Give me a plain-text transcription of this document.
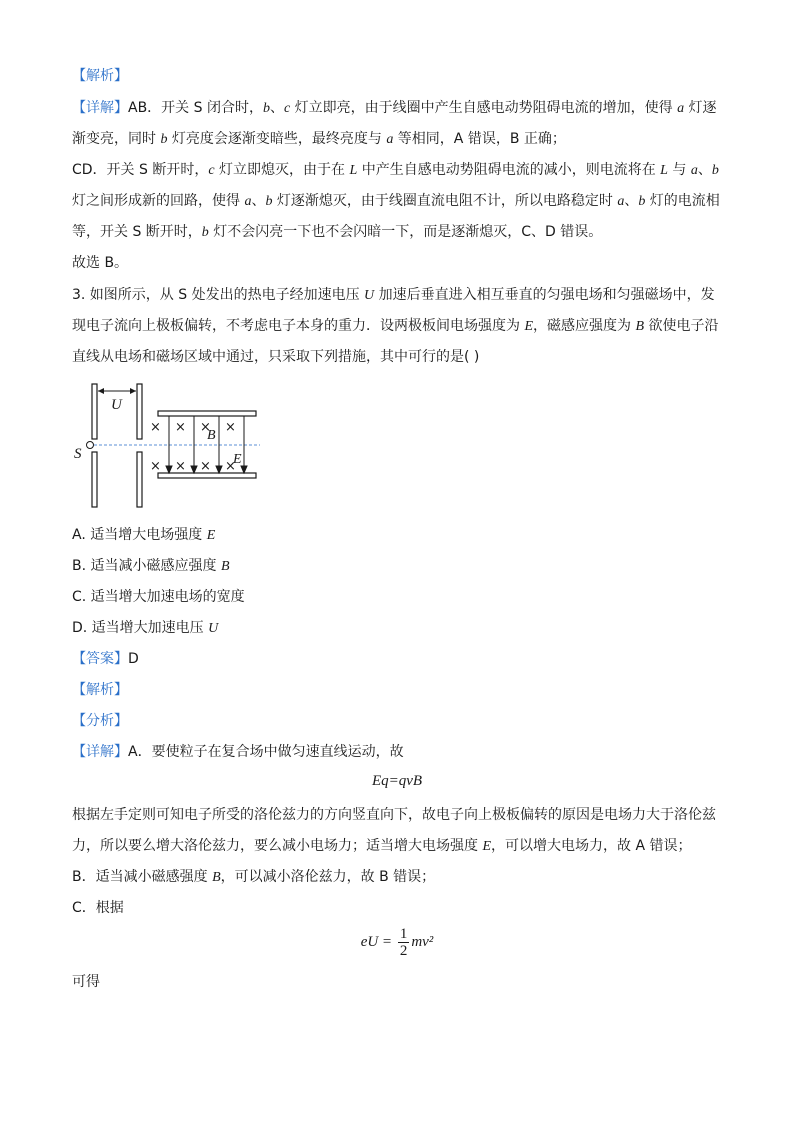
【解析】
【详解】AB．开关 S 闭合时，b、c 灯立即亮，由于线圈中产生自感电动势阻碍电流的增加，使得 a 灯逐
渐变亮，同时 b 灯亮度会逐渐变暗些，最终亮度与 a 等相同，A 错误，B 正确；
CD．开关 S 断开时，c 灯立即熄灭，由于在 L 中产生自感电动势阻碍电流的减小，则电流将在 L 与 a、b
灯之间形成新的回路，使得 a、b 灯逐渐熄灭，由于线圈直流电阻不计，所以电路稳定时 a、b 灯的电流相
等，开关 S 断开时，b 灯不会闪亮一下也不会闪暗一下，而是逐渐熄灭，C、D 错误。
故选 B。
3. 如图所示，从 S 处发出的热电子经加速电压 U 加速后垂直进入相互垂直的匀强电场和匀强磁场中，发
现电子流向上极板偏转，不考虑电子本身的重力．设两极板间电场强度为 E，磁感应强度为 B 欲使电子沿
直线从电场和磁场区域中通过，只采取下列措施，其中可行的是( )
U
S
× × × ×
× × × ×
B
E
A. 适当增大电场强度 E
B. 适当减小磁感应强度 B
C. 适当增大加速电场的宽度
D. 适当增大加速电压 U
【答案】D
【解析】
【分析】
【详解】A．要使粒子在复合场中做匀速直线运动，故
Eq=qvB
根据左手定则可知电子所受的洛伦兹力的方向竖直向下，故电子向上极板偏转的原因是电场力大于洛伦兹
力，所以要么增大洛伦兹力，要么减小电场力；适当增大电场强度 E，可以增大电场力，故 A 错误；
B．适当减小磁感强度 B，可以减小洛伦兹力，故 B 错误；
C．根据
eU = $\frac{1}{2} mv^2$
可得
